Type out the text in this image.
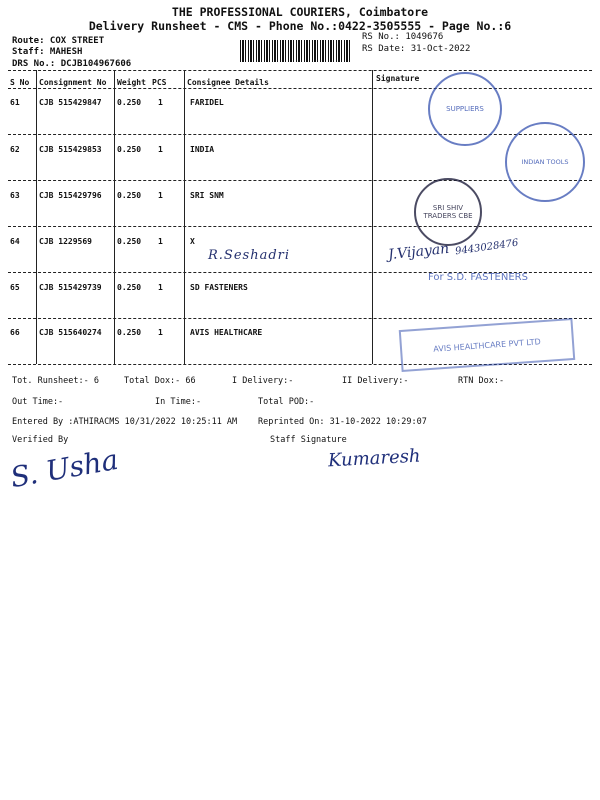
THE PROFESSIONAL COURIERS, Coimbatore
Delivery Runsheet - CMS - Phone No.:0422-3505555 - Page No.:6
Route: COX STREET
Staff: MAHESH
DRS No.: DCJB104967606
RS No.: 1049676
RS Date: 31-Oct-2022
S No Consignment No Weight PCS	Consignee Details	Signature
61 CJB 515429847 0.250 1	FARIDEL
62 CJB 515429853 0.250 1	INDIA
63 CJB 515429796 0.250 1	SRI SNM
64 CJB 1229569	0.250 1	X
65 CJB 515429739 0.250 1	SD FASTENERS
66 CJB 515640274 0.250 1	AVIS HEALTHCARE
R.Seshadri	J.Vijayan 9443028476
SUPPLIERS
INDIAN TOOLS
SRI SHIV TRADERS CBE
For S.D. FASTENERS
AVIS HEALTHCARE PVT LTD
Tot. Runsheet:- 6	Total Dox:- 66	I Delivery:-	II Delivery:-	RTN Dox:-
Out Time:-	In Time:-	Total POD:-
Entered By :ATHIRACMS 10/31/2022 10:25:11 AM Reprinted On: 31-10-2022 10:29:07
Verified By	Staff Signature
S. Usha	Kumaresh
